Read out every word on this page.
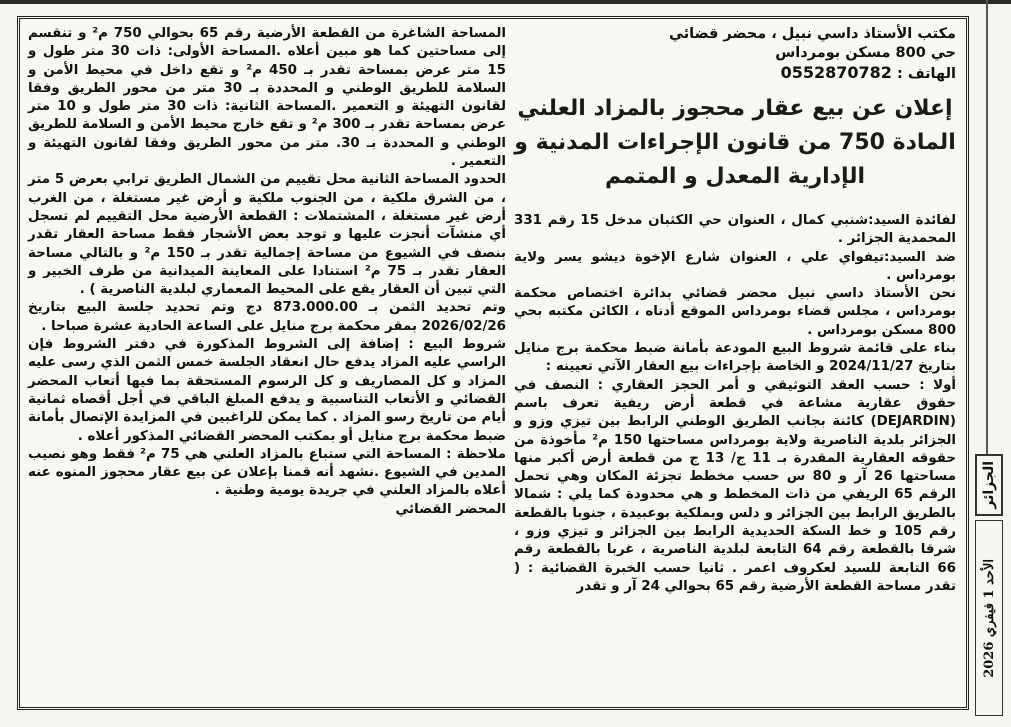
مكتب الأستاذ داسي نبيل ، محضر قضائي

حي 800 مسكن بومرداس

الهاتف : 0552870782

إعلان عن بيع عقار محجوز بالمزاد العلني

المادة 750 من قانون الإجراءات المدنية و

الإدارية المعدل و المتمم

لفائدة السيد:شنبي كمال ، العنوان حي الكثبان مدخل 15 رقم 331 المحمدية الجزائر .

ضد السيد:تيفواي علي ، العنوان شارع الإخوة ديشو يسر ولاية بومرداس .

نحن الأستاذ داسي نبيل محضر قضائي بدائرة اختصاص محكمة بومرداس ، مجلس قضاء بومرداس الموقع أدناه ، الكائن مكتبه بحي 800 مسكن بومرداس .

بناء على قائمة شروط البيع المودعة بأمانة ضبط محكمة برج منايل بتاريخ 2024/11/27 و الخاصة بإجراءات بيع العقار الآتي تعيينه :

أولا : حسب العقد التوثيقي و أمر الحجز العقاري : النصف في حقوق عقارية مشاعة في قطعة أرض ريفية تعرف باسم (DEJARDIN) كائنة بجانب الطريق الوطني الرابط بين تيزي وزو و الجزائر بلدية الناصرية ولاية بومرداس مساحتها 150 م² مأخوذة من حقوقه العقارية المقدرة بـ 11 ج/ 13 ج من قطعة أرض أكبر منها مساحتها 26 آر و 80 س حسب مخطط تجزئة المكان وهي تحمل الرقم 65 الريفي من ذات المخطط و هي محدودة كما يلي : شمالا بالطريق الرابط بين الجزائر و دلس وبملكية بوعبيدة ، جنوبا بالقطعة رقم 105 و خط السكة الحديدية الرابط بين الجزائر و تيزي وزو ، شرقا بالقطعة رقم 64 التابعة لبلدية الناصرية ، غربا بالقطعة رقم 66 التابعة للسيد لعكروف اعمر . ثانيا حسب الخبرة القضائية : ( تقدر مساحة القطعة الأرضية رقم 65 بحوالي 24 آر و تقدر

المساحة الشاغرة من القطعة الأرضية رقم 65 بحوالي 750 م² و تنقسم إلى مساحتين كما هو مبين أعلاه .المساحة الأولى: ذات 30 متر طول و 15 متر عرض بمساحة تقدر بـ 450 م² و تقع داخل في محيط الأمن و السلامة للطريق الوطني و المحددة بـ 30 متر من محور الطريق وفقا لقانون التهيئة و التعمير .المساحة الثانية: ذات 30 متر طول و 10 متر عرض بمساحة تقدر بـ 300 م² و تقع خارج محيط الأمن و السلامة للطريق الوطني و المحددة بـ 30. متر من محور الطريق وفقا لقانون التهيئة و التعمير .

الحدود المساحة الثانية محل تقييم من الشمال الطريق ترابي بعرض 5 متر ، من الشرق ملكية ، من الجنوب ملكية و أرض غير مستغلة ، من الغرب أرض غير مستغلة ، المشتملات : القطعة الأرضية محل التقييم لم تسجل أي منشآت أنجزت عليها و توجد بعض الأشجار فقط مساحة العقار تقدر بنصف في الشيوع من مساحة إجمالية تقدر بـ 150 م² و بالتالي مساحة العقار تقدر بـ 75 م² استنادا على المعاينة الميدانية من طرف الخبير و التي تبين أن العقار يقع على المحيط المعماري لبلدية الناصرية ) .

وتم تحديد الثمن بـ 873.000.00 دج وتم تحديد جلسة البيع بتاريخ 2026/02/26 بمقر محكمة برج منايل على الساعة الحادية عشرة صباحا .

شروط البيع : إضافة إلى الشروط المذكورة في دفتر الشروط فإن الراسي عليه المزاد يدفع حال انعقاد الجلسة خمس الثمن الذي رسى عليه المزاد و كل المصاريف و كل الرسوم المستحقة بما فيها أتعاب المحضر القضائي و الأتعاب التناسبية و يدفع المبلغ الباقي في أجل أقصاه ثمانية أيام من تاريخ رسو المزاد . كما يمكن للراغبين في المزايدة الإتصال بأمانة ضبط محكمة برج منايل أو بمكتب المحضر القضائي المذكور أعلاه .

ملاحظة : المساحة التي ستباع بالمزاد العلني هي 75 م² فقط وهو نصيب المدين في الشيوع .نشهد أنه قمنا بإعلان عن بيع عقار محجوز المنوه عنه أعلاه بالمزاد العلني في جريدة يومية وطنية .

المحضر القضائي

الجزائر
الأحد 1 فيفري 2026
